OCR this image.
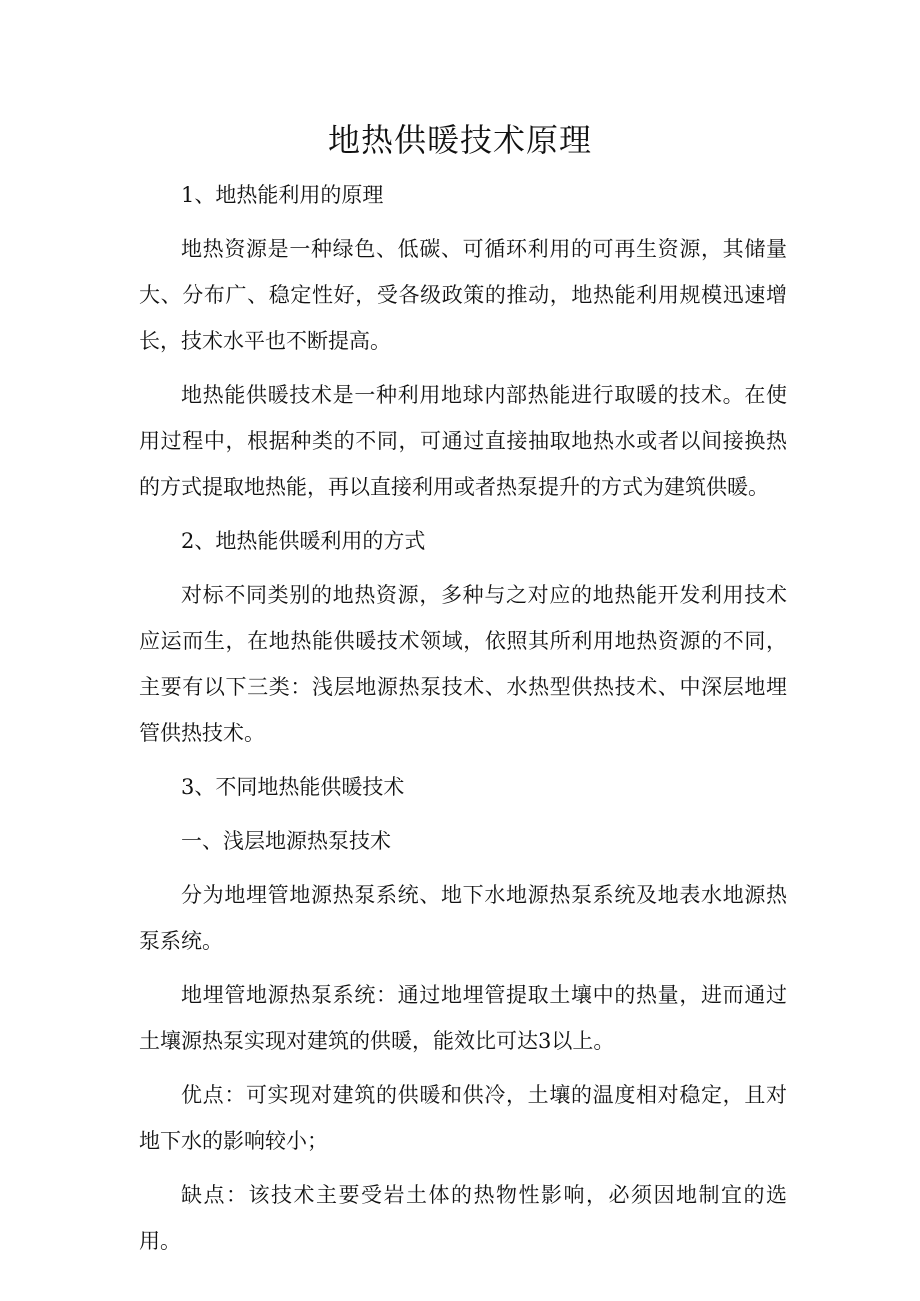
地热供暖技术原理

1、地热能利用的原理

地热资源是一种绿色、低碳、可循环利用的可再生资源，其储量大、分布广、稳定性好，受各级政策的推动，地热能利用规模迅速增长，技术水平也不断提高。

地热能供暖技术是一种利用地球内部热能进行取暖的技术。在使用过程中，根据种类的不同，可通过直接抽取地热水或者以间接换热的方式提取地热能，再以直接利用或者热泵提升的方式为建筑供暖。

2、地热能供暖利用的方式

对标不同类别的地热资源，多种与之对应的地热能开发利用技术应运而生，在地热能供暖技术领域，依照其所利用地热资源的不同，主要有以下三类：浅层地源热泵技术、水热型供热技术、中深层地埋管供热技术。

3、不同地热能供暖技术

一、浅层地源热泵技术

分为地埋管地源热泵系统、地下水地源热泵系统及地表水地源热泵系统。

地埋管地源热泵系统：通过地埋管提取土壤中的热量，进而通过土壤源热泵实现对建筑的供暖，能效比可达3以上。

优点：可实现对建筑的供暖和供冷，土壤的温度相对稳定，且对地下水的影响较小；

缺点：该技术主要受岩土体的热物性影响，必须因地制宜的选用。
